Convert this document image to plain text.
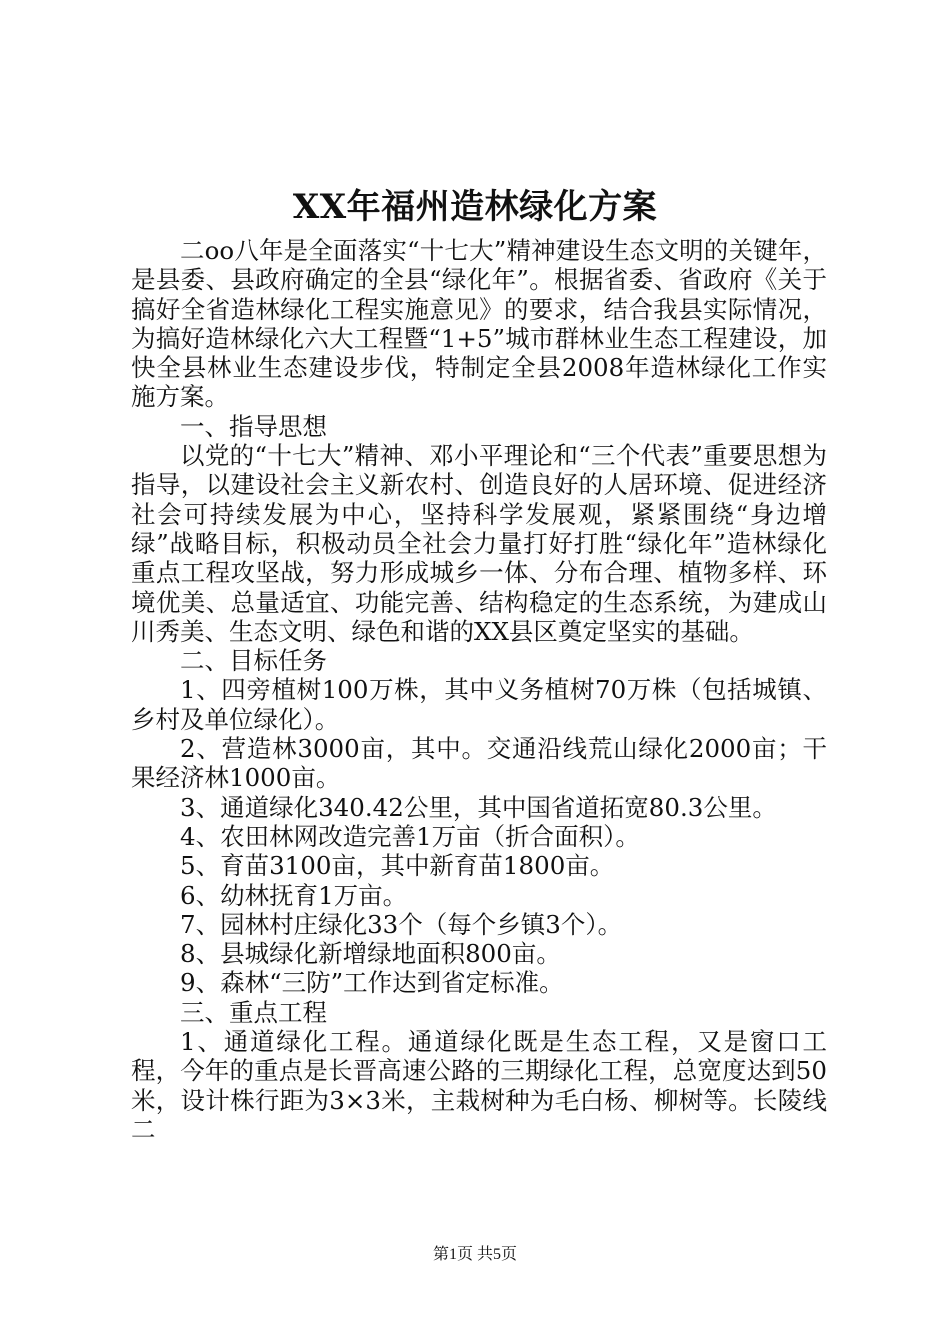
XX年福州造林绿化方案

二oo八年是全面落实“十七大”精神建设生态文明的关键年，是县委、县政府确定的全县“绿化年”。根据省委、省政府《关于搞好全省造林绿化工程实施意见》的要求，结合我县实际情况，为搞好造林绿化六大工程暨“1+5”城市群林业生态工程建设，加快全县林业生态建设步伐，特制定全县2008年造林绿化工作实施方案。

一、指导思想

以党的“十七大”精神、邓小平理论和“三个代表”重要思想为指导，以建设社会主义新农村、创造良好的人居环境、促进经济社会可持续发展为中心，坚持科学发展观，紧紧围绕“身边增绿”战略目标，积极动员全社会力量打好打胜“绿化年”造林绿化重点工程攻坚战，努力形成城乡一体、分布合理、植物多样、环境优美、总量适宜、功能完善、结构稳定的生态系统，为建成山川秀美、生态文明、绿色和谐的XX县区奠定坚实的基础。

二、目标任务

1、四旁植树100万株，其中义务植树70万株（包括城镇、乡村及单位绿化）。

2、营造林3000亩，其中。交通沿线荒山绿化2000亩；干果经济林1000亩。

3、通道绿化340.42公里，其中国省道拓宽80.3公里。

4、农田林网改造完善1万亩（折合面积）。

5、育苗3100亩，其中新育苗1800亩。

6、幼林抚育1万亩。

7、园林村庄绿化33个（每个乡镇3个）。

8、县城绿化新增绿地面积800亩。

9、森林“三防”工作达到省定标准。

三、重点工程

1、通道绿化工程。通道绿化既是生态工程，又是窗口工程，今年的重点是长晋高速公路的三期绿化工程，总宽度达到50米，设计株行距为3×3米，主栽树种为毛白杨、柳树等。长陵线二

第1页 共5页
